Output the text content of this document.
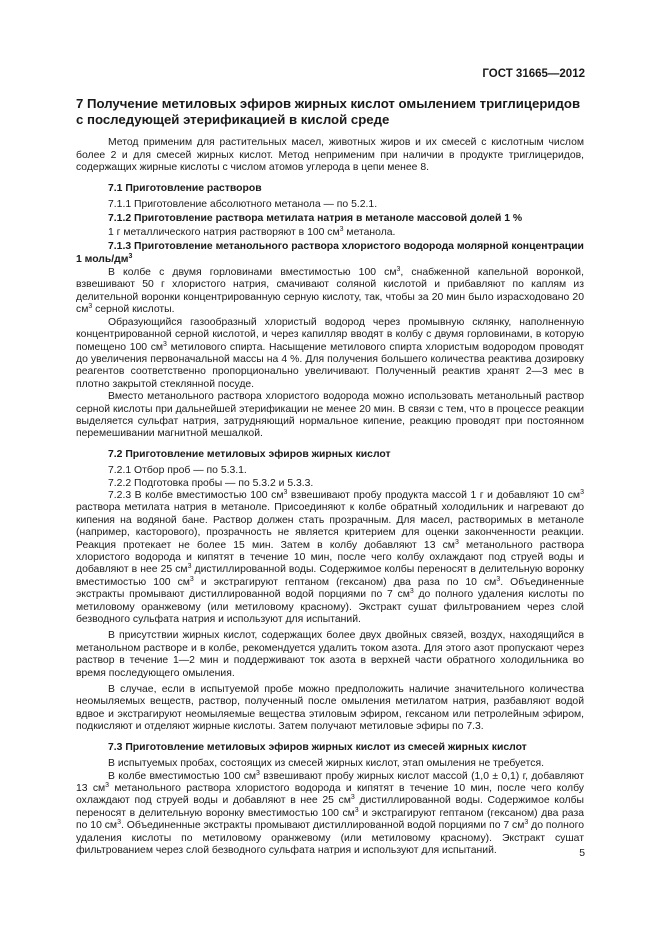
ГОСТ 31665—2012
7 Получение метиловых эфиров жирных кислот омылением триглицеридов с последующей этерификацией в кислой среде

Метод применим для растительных масел, животных жиров и их смесей с кислотным числом более 2 и для смесей жирных кислот. Метод неприменим при наличии в продукте триглицеридов, содержащих жирные кислоты с числом атомов углерода в цепи менее 8.

7.1 Приготовление растворов

7.1.1 Приготовление абсолютного метанола — по 5.2.1.

7.1.2 Приготовление раствора метилата натрия в метаноле массовой долей 1 %

1 г металлического натрия растворяют в 100 $см^3$ метанола.

7.1.3 Приготовление метанольного раствора хлористого водорода молярной концентрации 1 моль/$дм^3$

В колбе с двумя горловинами вместимостью 100 $см^3$, снабженной капельной воронкой, взвешивают 50 г хлористого натрия, смачивают соляной кислотой и прибавляют по каплям из делительной воронки концентрированную серную кислоту, так, чтобы за 20 мин было израсходовано 20 $см^3$ серной кислоты.

Образующийся газообразный хлористый водород через промывную склянку, наполненную концентрированной серной кислотой, и через капилляр вводят в колбу с двумя горловинами, в которую помещено 100 $см^3$ метилового спирта. Насыщение метилового спирта хлористым водородом проводят до увеличения первоначальной массы на 4 %. Для получения большего количества реактива дозировку реагентов соответственно пропорционально увеличивают. Полученный реактив хранят 2—3 мес в плотно закрытой стеклянной посуде.

Вместо метанольного раствора хлористого водорода можно использовать метанольный раствор серной кислоты при дальнейшей этерификации не менее 20 мин. В связи с тем, что в процессе реакции выделяется сульфат натрия, затрудняющий нормальное кипение, реакцию проводят при постоянном перемешивании магнитной мешалкой.

7.2 Приготовление метиловых эфиров жирных кислот

7.2.1 Отбор проб — по 5.3.1.

7.2.2 Подготовка пробы — по 5.3.2 и 5.3.3.

7.2.3 В колбе вместимостью 100 $см^3$ взвешивают пробу продукта массой 1 г и добавляют 10 $см^3$ раствора метилата натрия в метаноле. Присоединяют к колбе обратный холодильник и нагревают до кипения на водяной бане. Раствор должен стать прозрачным. Для масел, растворимых в метаноле (например, касторового), прозрачность не является критерием для оценки законченности реакции. Реакция протекает не более 15 мин. Затем в колбу добавляют 13 $см^3$ метанольного раствора хлористого водорода и кипятят в течение 10 мин, после чего колбу охлаждают под струей воды и добавляют в нее 25 $см^3$ дистиллированной воды. Содержимое колбы переносят в делительную воронку вместимостью 100 $см^3$ и экстрагируют гептаном (гексаном) два раза по 10 $см^3$. Объединенные экстракты промывают дистиллированной водой порциями по 7 $см^3$ до полного удаления кислоты по метиловому оранжевому (или метиловому красному). Экстракт сушат фильтрованием через слой безводного сульфата натрия и используют для испытаний.

В присутствии жирных кислот, содержащих более двух двойных связей, воздух, находящийся в метанольном растворе и в колбе, рекомендуется удалить током азота. Для этого азот пропускают через раствор в течение 1—2 мин и поддерживают ток азота в верхней части обратного холодильника во время последующего омыления.

В случае, если в испытуемой пробе можно предположить наличие значительного количества неомыляемых веществ, раствор, полученный после омыления метилатом натрия, разбавляют водой вдвое и экстрагируют неомыляемые вещества этиловым эфиром, гексаном или петролейным эфиром, подкисляют и отделяют жирные кислоты. Затем получают метиловые эфиры по 7.3.

7.3 Приготовление метиловых эфиров жирных кислот из смесей жирных кислот

В испытуемых пробах, состоящих из смесей жирных кислот, этап омыления не требуется.

В колбе вместимостью 100 $см^3$ взвешивают пробу жирных кислот массой (1,0 ± 0,1) г, добавляют 13 $см^3$ метанольного раствора хлористого водорода и кипятят в течение 10 мин, после чего колбу охлаждают под струей воды и добавляют в нее 25 $см^3$ дистиллированной воды. Содержимое колбы переносят в делительную воронку вместимостью 100 $см^3$ и экстрагируют гептаном (гексаном) два раза по 10 $см^3$. Объединенные экстракты промывают дистиллированной водой порциями по 7 $см^3$ до полного удаления кислоты по метиловому оранжевому (или метиловому красному). Экстракт сушат фильтрованием через слой безводного сульфата натрия и используют для испытаний.	5
